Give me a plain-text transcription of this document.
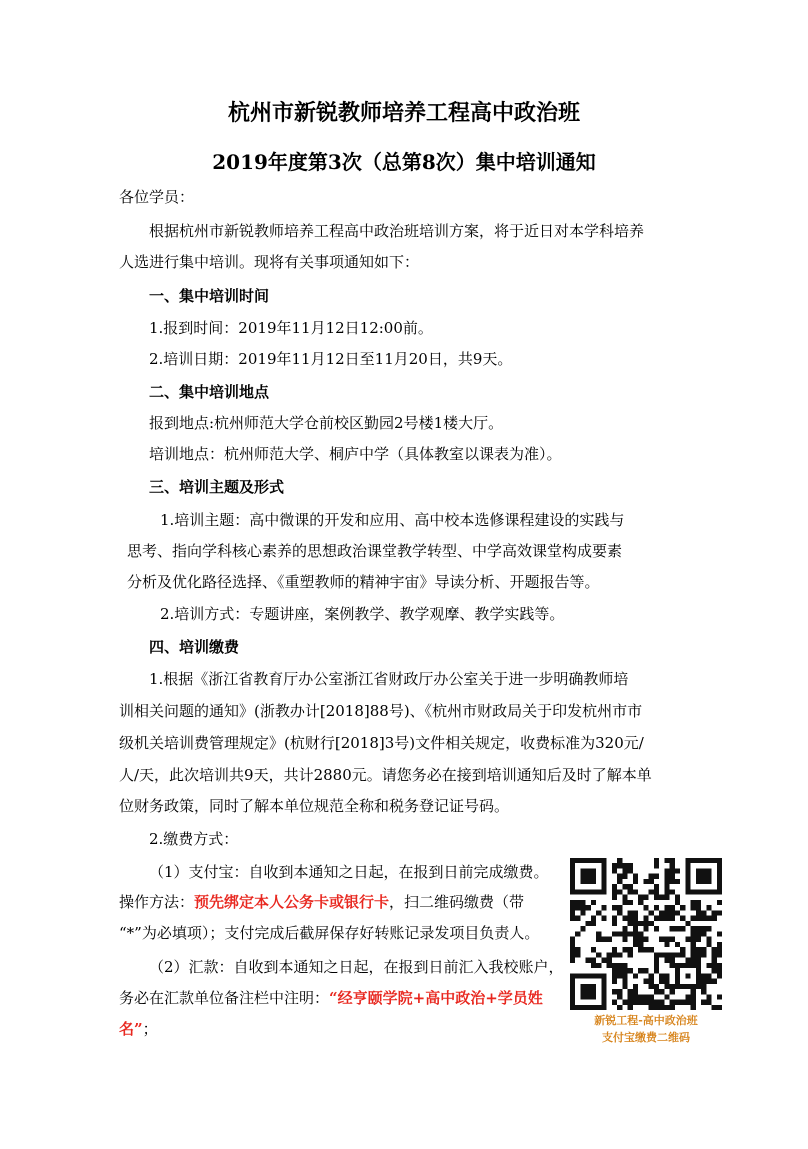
杭州市新锐教师培养工程高中政治班
2019年度第3次（总第8次）集中培训通知
各位学员：
根据杭州市新锐教师培养工程高中政治班培训方案，将于近日对本学科培养
人选进行集中培训。现将有关事项通知如下：
一、集中培训时间
1.报到时间：2019年11月12日12:00前。
2.培训日期：2019年11月12日至11月20日，共9天。
二、集中培训地点
报到地点:杭州师范大学仓前校区勤园2号楼1楼大厅。
培训地点：杭州师范大学、桐庐中学（具体教室以课表为准）。
三、培训主题及形式
1.培训主题：高中微课的开发和应用、高中校本选修课程建设的实践与
思考、指向学科核心素养的思想政治课堂教学转型、中学高效课堂构成要素
分析及优化路径选择、《重塑教师的精神宇宙》导读分析、开题报告等。
2.培训方式：专题讲座，案例教学、教学观摩、教学实践等。
四、培训缴费
1.根据《浙江省教育厅办公室浙江省财政厅办公室关于进一步明确教师培
训相关问题的通知》(浙教办计[2018]88号)、《杭州市财政局关于印发杭州市市
级机关培训费管理规定》(杭财行[2018]3号)文件相关规定，收费标准为320元/
人/天，此次培训共9天，共计2880元。请您务必在接到培训通知后及时了解本单
位财务政策，同时了解本单位规范全称和税务登记证号码。
2.缴费方式：
（1）支付宝：自收到本通知之日起，在报到日前完成缴费。
操作方法：预先绑定本人公务卡或银行卡，扫二维码缴费（带
“*”为必填项）；支付完成后截屏保存好转账记录发项目负责人。
（2）汇款：自收到本通知之日起，在报到日前汇入我校账户，
务必在汇款单位备注栏中注明：“经亨颐学院+高中政治+学员姓
名”；	新锐工程-高中政治班
支付宝缴费二维码
